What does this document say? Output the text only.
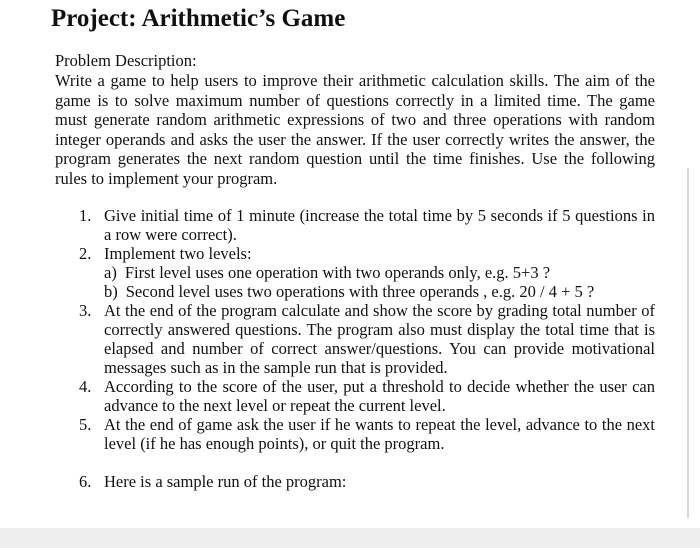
Project: Arithmetic’s Game

Problem Description:

Write a game to help users to improve their arithmetic calculation skills. The aim of the game is to solve maximum number of questions correctly in a limited time. The game must generate random arithmetic expressions of two and three operations with random integer operands and asks the user the answer. If the user correctly writes the answer, the program generates the next random question until the time finishes. Use the following rules to implement your program.

1. Give initial time of 1 minute (increase the total time by 5 seconds if 5 questions in a row were correct).
2. Implement two levels:
a) First level uses one operation with two operands only, e.g. 5+3 ?
b) Second level uses two operations with three operands , e.g. 20 / 4 + 5 ?
3. At the end of the program calculate and show the score by grading total number of correctly answered questions. The program also must display the total time that is elapsed and number of correct answer/questions. You can provide motivational messages such as in the sample run that is provided.
4. According to the score of the user, put a threshold to decide whether the user can advance to the next level or repeat the current level.
5. At the end of game ask the user if he wants to repeat the level, advance to the next level (if he has enough points), or quit the program.
6. Here is a sample run of the program:
